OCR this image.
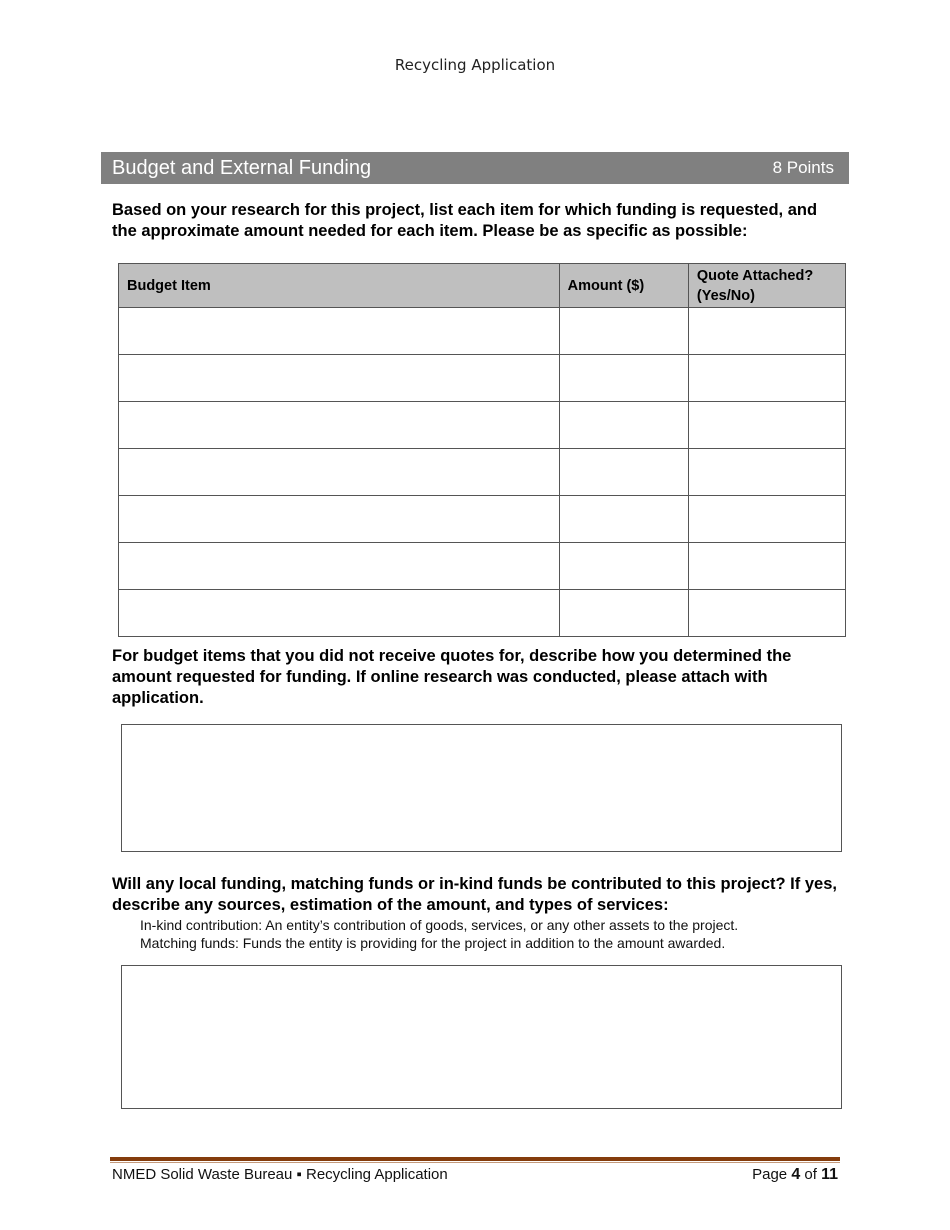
Recycling Application
Budget and External Funding	8 Points
Based on your research for this project, list each item for which funding is requested, and the approximate amount needed for each item. Please be as specific as possible:
Budget Item	Amount ($)	Quote Attached? (Yes/No)

For budget items that you did not receive quotes for, describe how you determined the amount requested for funding. If online research was conducted, please attach with application.
Will any local funding, matching funds or in-kind funds be contributed to this project? If yes, describe any sources, estimation of the amount, and types of services:
In-kind contribution: An entity’s contribution of goods, services, or any other assets to the project.
Matching funds: Funds the entity is providing for the project in addition to the amount awarded.
NMED Solid Waste Bureau ▪ Recycling Application	Page 4 of 11
